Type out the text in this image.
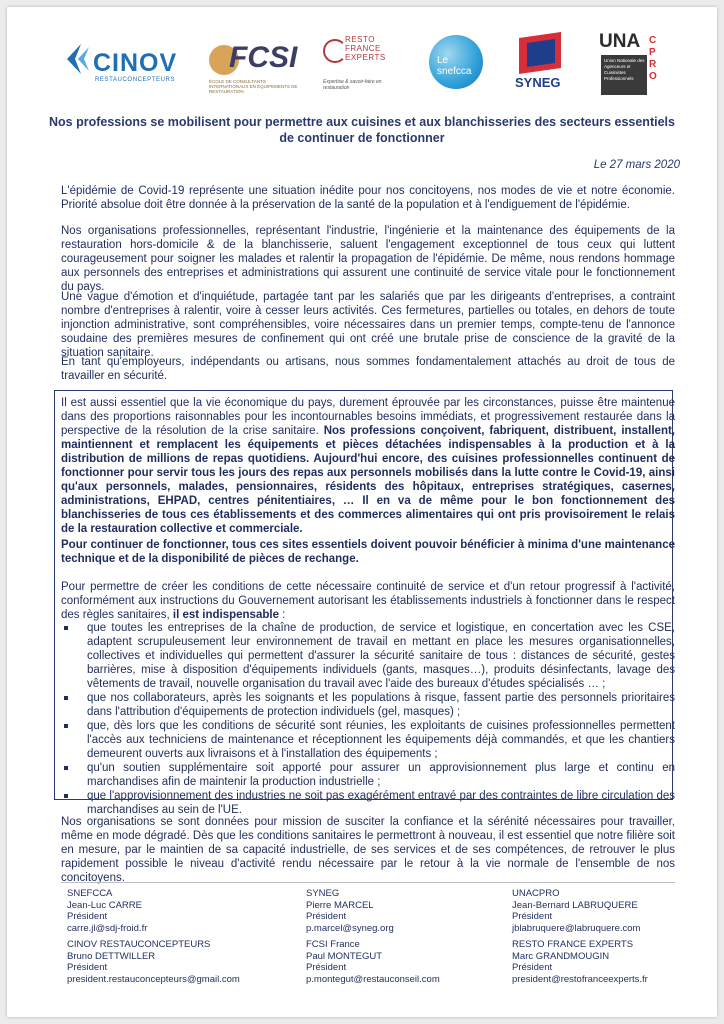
CINOV
RESTAUCONCEPTEURS
FCSI
ÉCOLE DE CONSULTANTS INTERNATIONAUX EN ÉQUIPEMENTS DE RESTAURATION
RESTO
FRANCE
EXPERTS
Expertise & savoir-faire en restauration
Le snefcca
SYNEG
UNA
Union Nationale des Agenceurs et Cuisinistes Professionnels
CPRO
Nos professions se mobilisent pour permettre aux cuisines et aux blanchisseries des secteurs essentiels de continuer de fonctionner
Le 27 mars 2020

L'épidémie de Covid-19 représente une situation inédite pour nos concitoyens, nos modes de vie et notre économie. Priorité absolue doit être donnée à la préservation de la santé de la population et à l'endiguement de l'épidémie.

Nos organisations professionnelles, représentant l'industrie, l'ingénierie et la maintenance des équipements de la restauration hors-domicile & de la blanchisserie, saluent l'engagement exceptionnel de tous ceux qui luttent courageusement pour soigner les malades et ralentir la propagation de l'épidémie. De même, nous rendons hommage aux personnels des entreprises et administrations qui assurent une continuité de service vitale pour le fonctionnement du pays.

Une vague d'émotion et d'inquiétude, partagée tant par les salariés que par les dirigeants d'entreprises, a contraint nombre d'entreprises à ralentir, voire à cesser leurs activités. Ces fermetures, partielles ou totales, en dehors de toute injonction administrative, sont compréhensibles, voire nécessaires dans un premier temps, compte-tenu de l'annonce soudaine des premières mesures de confinement qui ont créé une brutale prise de conscience de la gravité de la situation sanitaire.

En tant qu'employeurs, indépendants ou artisans, nous sommes fondamentalement attachés au droit de tous de travailler en sécurité.

Il est aussi essentiel que la vie économique du pays, durement éprouvée par les circonstances, puisse être maintenue dans des proportions raisonnables pour les incontournables besoins immédiats, et progressivement restaurée dans la perspective de la résolution de la crise sanitaire. Nos professions conçoivent, fabriquent, distribuent, installent, maintiennent et remplacent les équipements et pièces détachées indispensables à la production et à la distribution de millions de repas quotidiens. Aujourd'hui encore, des cuisines professionnelles continuent de fonctionner pour servir tous les jours des repas aux personnels mobilisés dans la lutte contre le Covid-19, ainsi qu'aux personnels, malades, pensionnaires, résidents des hôpitaux, entreprises stratégiques, casernes, administrations, EHPAD, centres pénitentiaires, … Il en va de même pour le bon fonctionnement des blanchisseries de tous ces établissements et des commerces alimentaires qui ont pris provisoirement le relais de la restauration collective et commerciale.

Pour continuer de fonctionner, tous ces sites essentiels doivent pouvoir bénéficier à minima d'une maintenance technique et de la disponibilité de pièces de rechange.

Pour permettre de créer les conditions de cette nécessaire continuité de service et d'un retour progressif à l'activité, conformément aux instructions du Gouvernement autorisant les établissements industriels à fonctionner dans le respect des règles sanitaires, il est indispensable :

que toutes les entreprises de la chaîne de production, de service et logistique, en concertation avec les CSE, adaptent scrupuleusement leur environnement de travail en mettant en place les mesures organisationnelles, collectives et individuelles qui permettent d'assurer la sécurité sanitaire de tous : distances de sécurité, gestes barrières, mise à disposition d'équipements individuels (gants, masques…), produits désinfectants, lavage des vêtements de travail, nouvelle organisation du travail avec l'aide des bureaux d'études spécialisés … ;
que nos collaborateurs, après les soignants et les populations à risque, fassent partie des personnels prioritaires dans l'attribution d'équipements de protection individuels (gel, masques) ;
que, dès lors que les conditions de sécurité sont réunies, les exploitants de cuisines professionnelles permettent l'accès aux techniciens de maintenance et réceptionnent les équipements déjà commandés, et que les chantiers demeurent ouverts aux livraisons et à l'installation des équipements ;
qu'un soutien supplémentaire soit apporté pour assurer un approvisionnement plus large et continu en marchandises afin de maintenir la production industrielle ;
que l'approvisionnement des industries ne soit pas exagérément entravé par des contraintes de libre circulation des marchandises au sein de l'UE.

Nos organisations se sont données pour mission de susciter la confiance et la sérénité nécessaires pour travailler, même en mode dégradé. Dès que les conditions sanitaires le permettront à nouveau, il est essentiel que notre filière soit en mesure, par le maintien de sa capacité industrielle, de ses services et de ses compétences, de retrouver le plus rapidement possible le niveau d'activité rendu nécessaire par le retour à la vie normale de l'ensemble de nos concitoyens.

SNEFCCA
Jean-Luc CARRE
Président
carre.jl@sdj-froid.fr
SYNEG
Pierre MARCEL
Président
p.marcel@syneg.org
UNACPRO
Jean-Bernard LABRUQUERE
Président
jblabruquere@labruquere.com
CINOV RESTAUCONCEPTEURS
Bruno DETTWILLER
Président
president.restauconcepteurs@gmail.com
FCSI France
Paul MONTEGUT
Président
p.montegut@restauconseil.com
RESTO FRANCE EXPERTS
Marc GRANDMOUGIN
Président
president@restofranceexperts.fr
